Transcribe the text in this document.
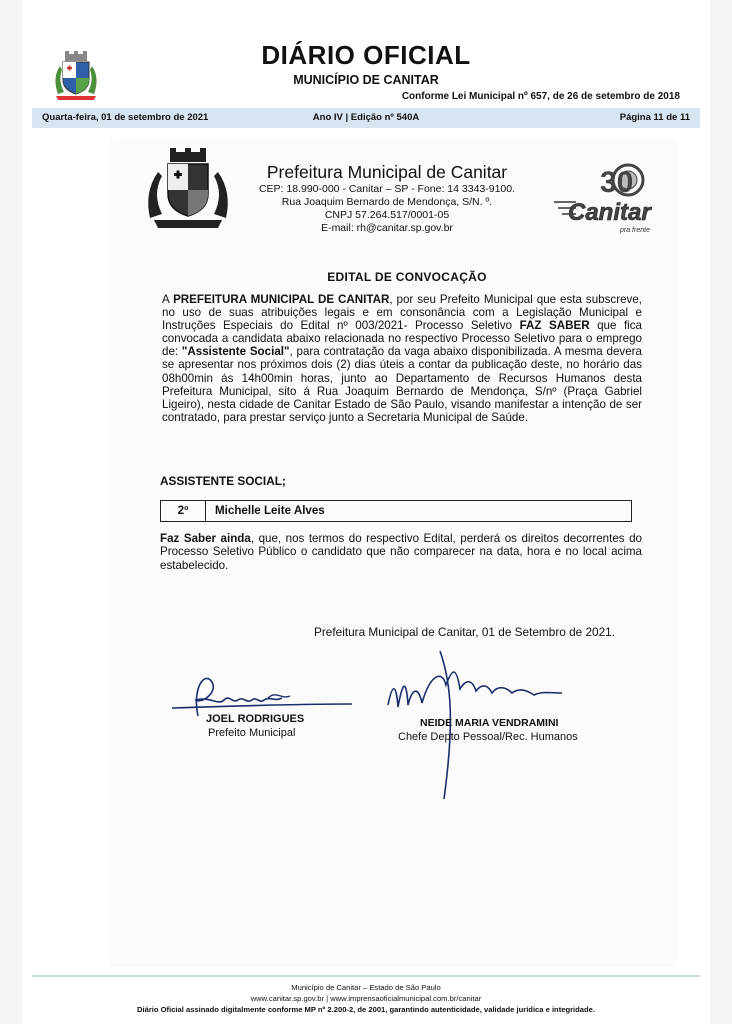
DIÁRIO OFICIAL
MUNICÍPIO DE CANITAR
Conforme Lei Municipal nº 657, de 26 de setembro de 2018
Quarta-feira, 01 de setembro de 2021	Ano IV | Edição nº 540A	Página 11 de 11
Prefeitura Municipal de Canitar
CEP: 18.990-000 - Canitar – SP - Fone: 14 3343-9100.
Rua Joaquim Bernardo de Mendonça, S/N. º.
CNPJ 57.264.517/0001-05
E-mail: rh@canitar.sp.gov.br
30
Canitar
pra frente
EDITAL DE CONVOCAÇÃO
A PREFEITURA MUNICIPAL DE CANITAR, por seu Prefeito Municipal que esta subscreve, no uso de suas atribuições legais e em consonância com a Legislação Municipal e Instruções Especiais do Edital nº 003/2021- Processo Seletivo FAZ SABER que fica convocada a candidata abaixo relacionada no respectivo Processo Seletivo para o emprego de: "Assistente Social", para contratação da vaga abaixo disponibilizada. A mesma devera se apresentar nos próximos dois (2) dias úteis a contar da publicação deste, no horário das 08h00min ás 14h00min horas, junto ao Departamento de Recursos Humanos desta Prefeitura Municipal, sito á Rua Joaquim Bernardo de Mendonça, S/nº (Praça Gabriel Ligeiro), nesta cidade de Canitar Estado de São Paulo, visando manifestar a intenção de ser contratado, para prestar serviço junto a Secretaria Municipal de Saúde.
ASSISTENTE SOCIAL;
2º	Michelle Leite Alves
Faz Saber ainda, que, nos termos do respectivo Edital, perderá os direitos decorrentes do Processo Seletivo Público o candidato que não comparecer na data, hora e no local acima estabelecido.
Prefeitura Municipal de Canitar, 01 de Setembro de 2021.
JOEL RODRIGUES
Prefeito Municipal
NEIDE MARIA VENDRAMINI
Chefe Depto Pessoal/Rec. Humanos
Município de Canitar – Estado de São Paulo
www.canitar.sp.gov.br | www.imprensaoficialmunicipal.com.br/canitar
Diário Oficial assinado digitalmente conforme MP nº 2.200-2, de 2001, garantindo autenticidade, validade jurídica e integridade.
